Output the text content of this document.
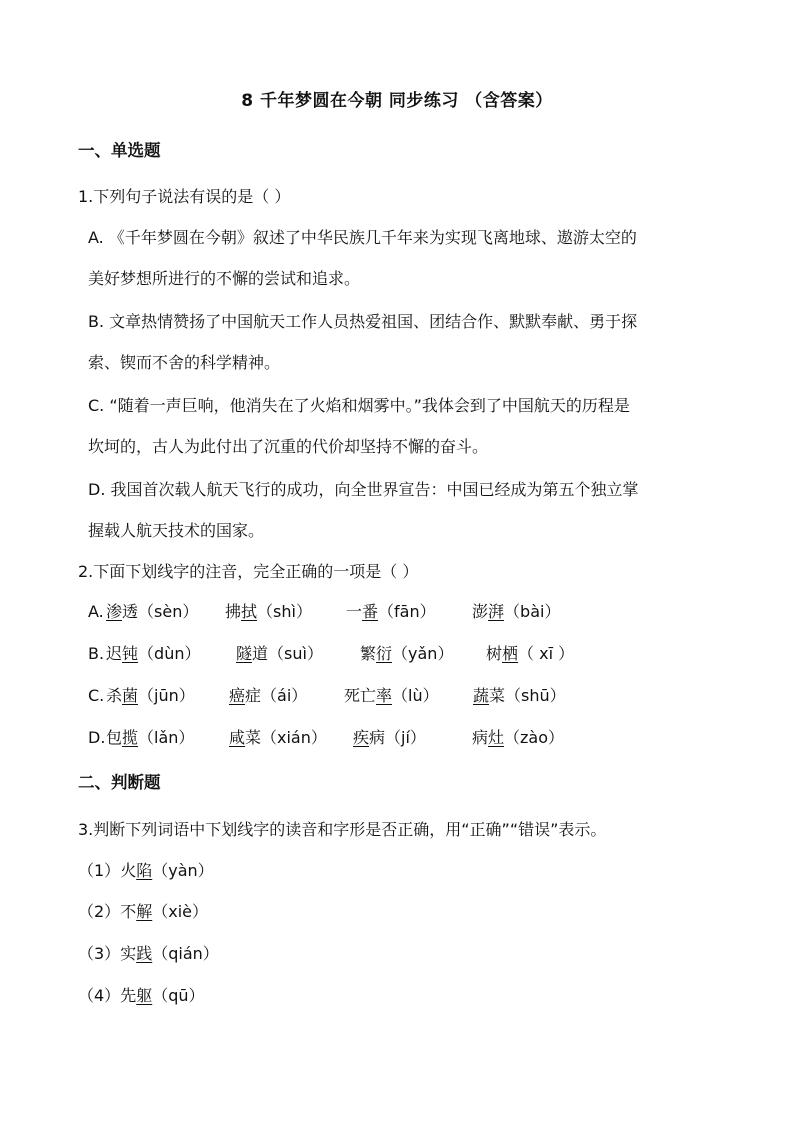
8 千年梦圆在今朝 同步练习 （含答案）
一、单选题
1.下列句子说法有误的是（ ）
A. 《千年梦圆在今朝》叙述了中华民族几千年来为实现飞离地球、遨游太空的
美好梦想所进行的不懈的尝试和追求。
B. 文章热情赞扬了中国航天工作人员热爱祖国、团结合作、默默奉献、勇于探
索、锲而不舍的科学精神。
C. “随着一声巨响，他消失在了火焰和烟雾中。”我体会到了中国航天的历程是
坎坷的，古人为此付出了沉重的代价却坚持不懈的奋斗。
D. 我国首次载人航天飞行的成功，向全世界宣告：中国已经成为第五个独立掌
握载人航天技术的国家。
2.下面下划线字的注音，完全正确的一项是（ ）
A. 渗透（sèn） 拂拭（shì） 一番（fān） 澎湃（bài）
B. 迟钝（dùn） 隧道（suì） 繁衍（yǎn） 树栖（ xī ）
C. 杀菌（jūn） 癌症（ái） 死亡率（lù） 蔬菜（shū）
D. 包揽（lǎn） 咸菜（xián） 疾病（jí）	病灶（zào）
二、判断题
3.判断下列词语中下划线字的读音和字形是否正确，用“正确”“错误”表示。
（1）火陷（yàn）
（2）不解（xiè）
（3）实践（qián）
（4）先躯（qū）
